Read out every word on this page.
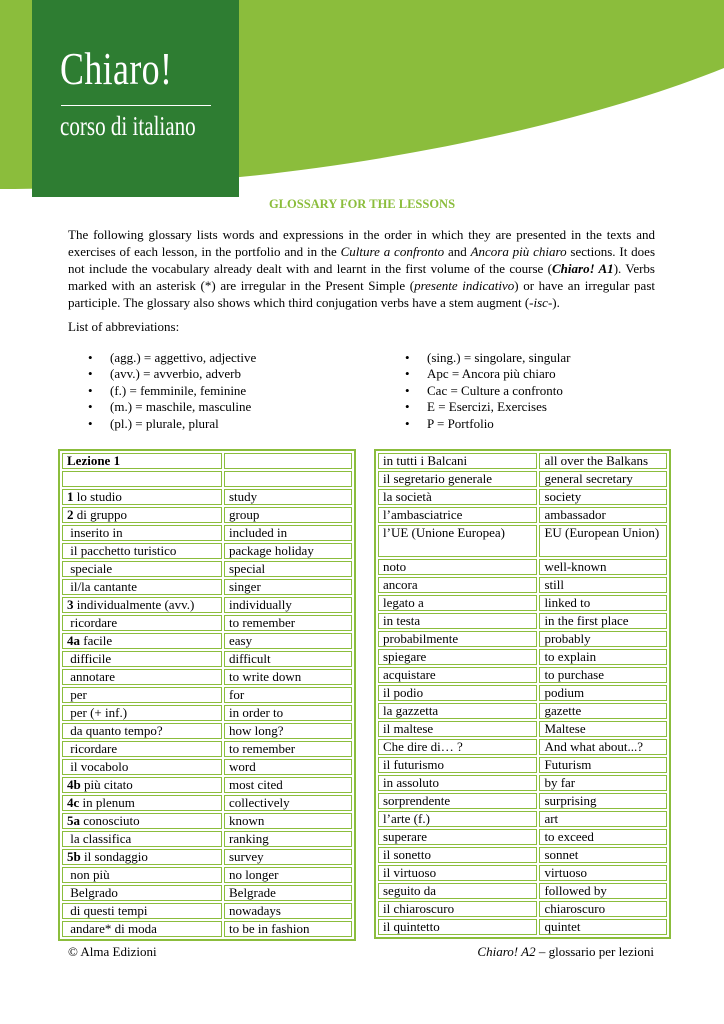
Chiaro!
corso di italiano
GLOSSARY FOR THE LESSONS

The following glossary lists words and expressions in the order in which they are presented in the texts and exercises of each lesson, in the portfolio and in the Culture a confronto and Ancora più chiaro sections. It does not include the vocabulary already dealt with and learnt in the first volume of the course (Chiaro! A1). Verbs marked with an asterisk (*) are irregular in the Present Simple (presente indicativo) or have an irregular past participle. The glossary also shows which third conjugation verbs have a stem augment (-isc-).

List of abbreviations:
• (agg.) = aggettivo, adjective
• (avv.) = avverbio, adverb
• (f.) = femminile, feminine
• (m.) = maschile, masculine
• (pl.) = plurale, plural
• (sing.) = singolare, singular
• Apc = Ancora più chiaro
• Cac = Culture a confronto
• E = Esercizi, Exercises
• P = Portfolio
Lezione 1	

1 lo studio	study
2 di gruppo	group
inserito in	included in
il pacchetto turistico	package holiday
speciale	special
il/la cantante	singer
3 individualmente (avv.)	individually
ricordare	to remember
4a facile	easy
difficile	difficult
annotare	to write down
per	for
per (+ inf.)	in order to
da quanto tempo?	how long?
ricordare	to remember
il vocabolo	word
4b più citato	most cited
4c in plenum	collectively
5a conosciuto	known
la classifica	ranking
5b il sondaggio	survey
non più	no longer
Belgrado	Belgrade
di questi tempi	nowadays
andare* di moda	to be in fashion
in tutti i Balcani	all over the Balkans
il segretario generale	general secretary
la società	society
l’ambasciatrice	ambassador
l’UE (Unione Europea)	EU (European Union)
noto	well-known
ancora	still
legato a	linked to
in testa	in the first place
probabilmente	probably
spiegare	to explain
acquistare	to purchase
il podio	podium
la gazzetta	gazette
il maltese	Maltese
Che dire di… ?	And what about...?
il futurismo	Futurism
in assoluto	by far
sorprendente	surprising
l’arte (f.)	art
superare	to exceed
il sonetto	sonnet
il virtuoso	virtuoso
seguito da	followed by
il chiaroscuro	chiaroscuro
il quintetto	quintet
© Alma Edizioni	Chiaro! A2 – glossario per lezioni
